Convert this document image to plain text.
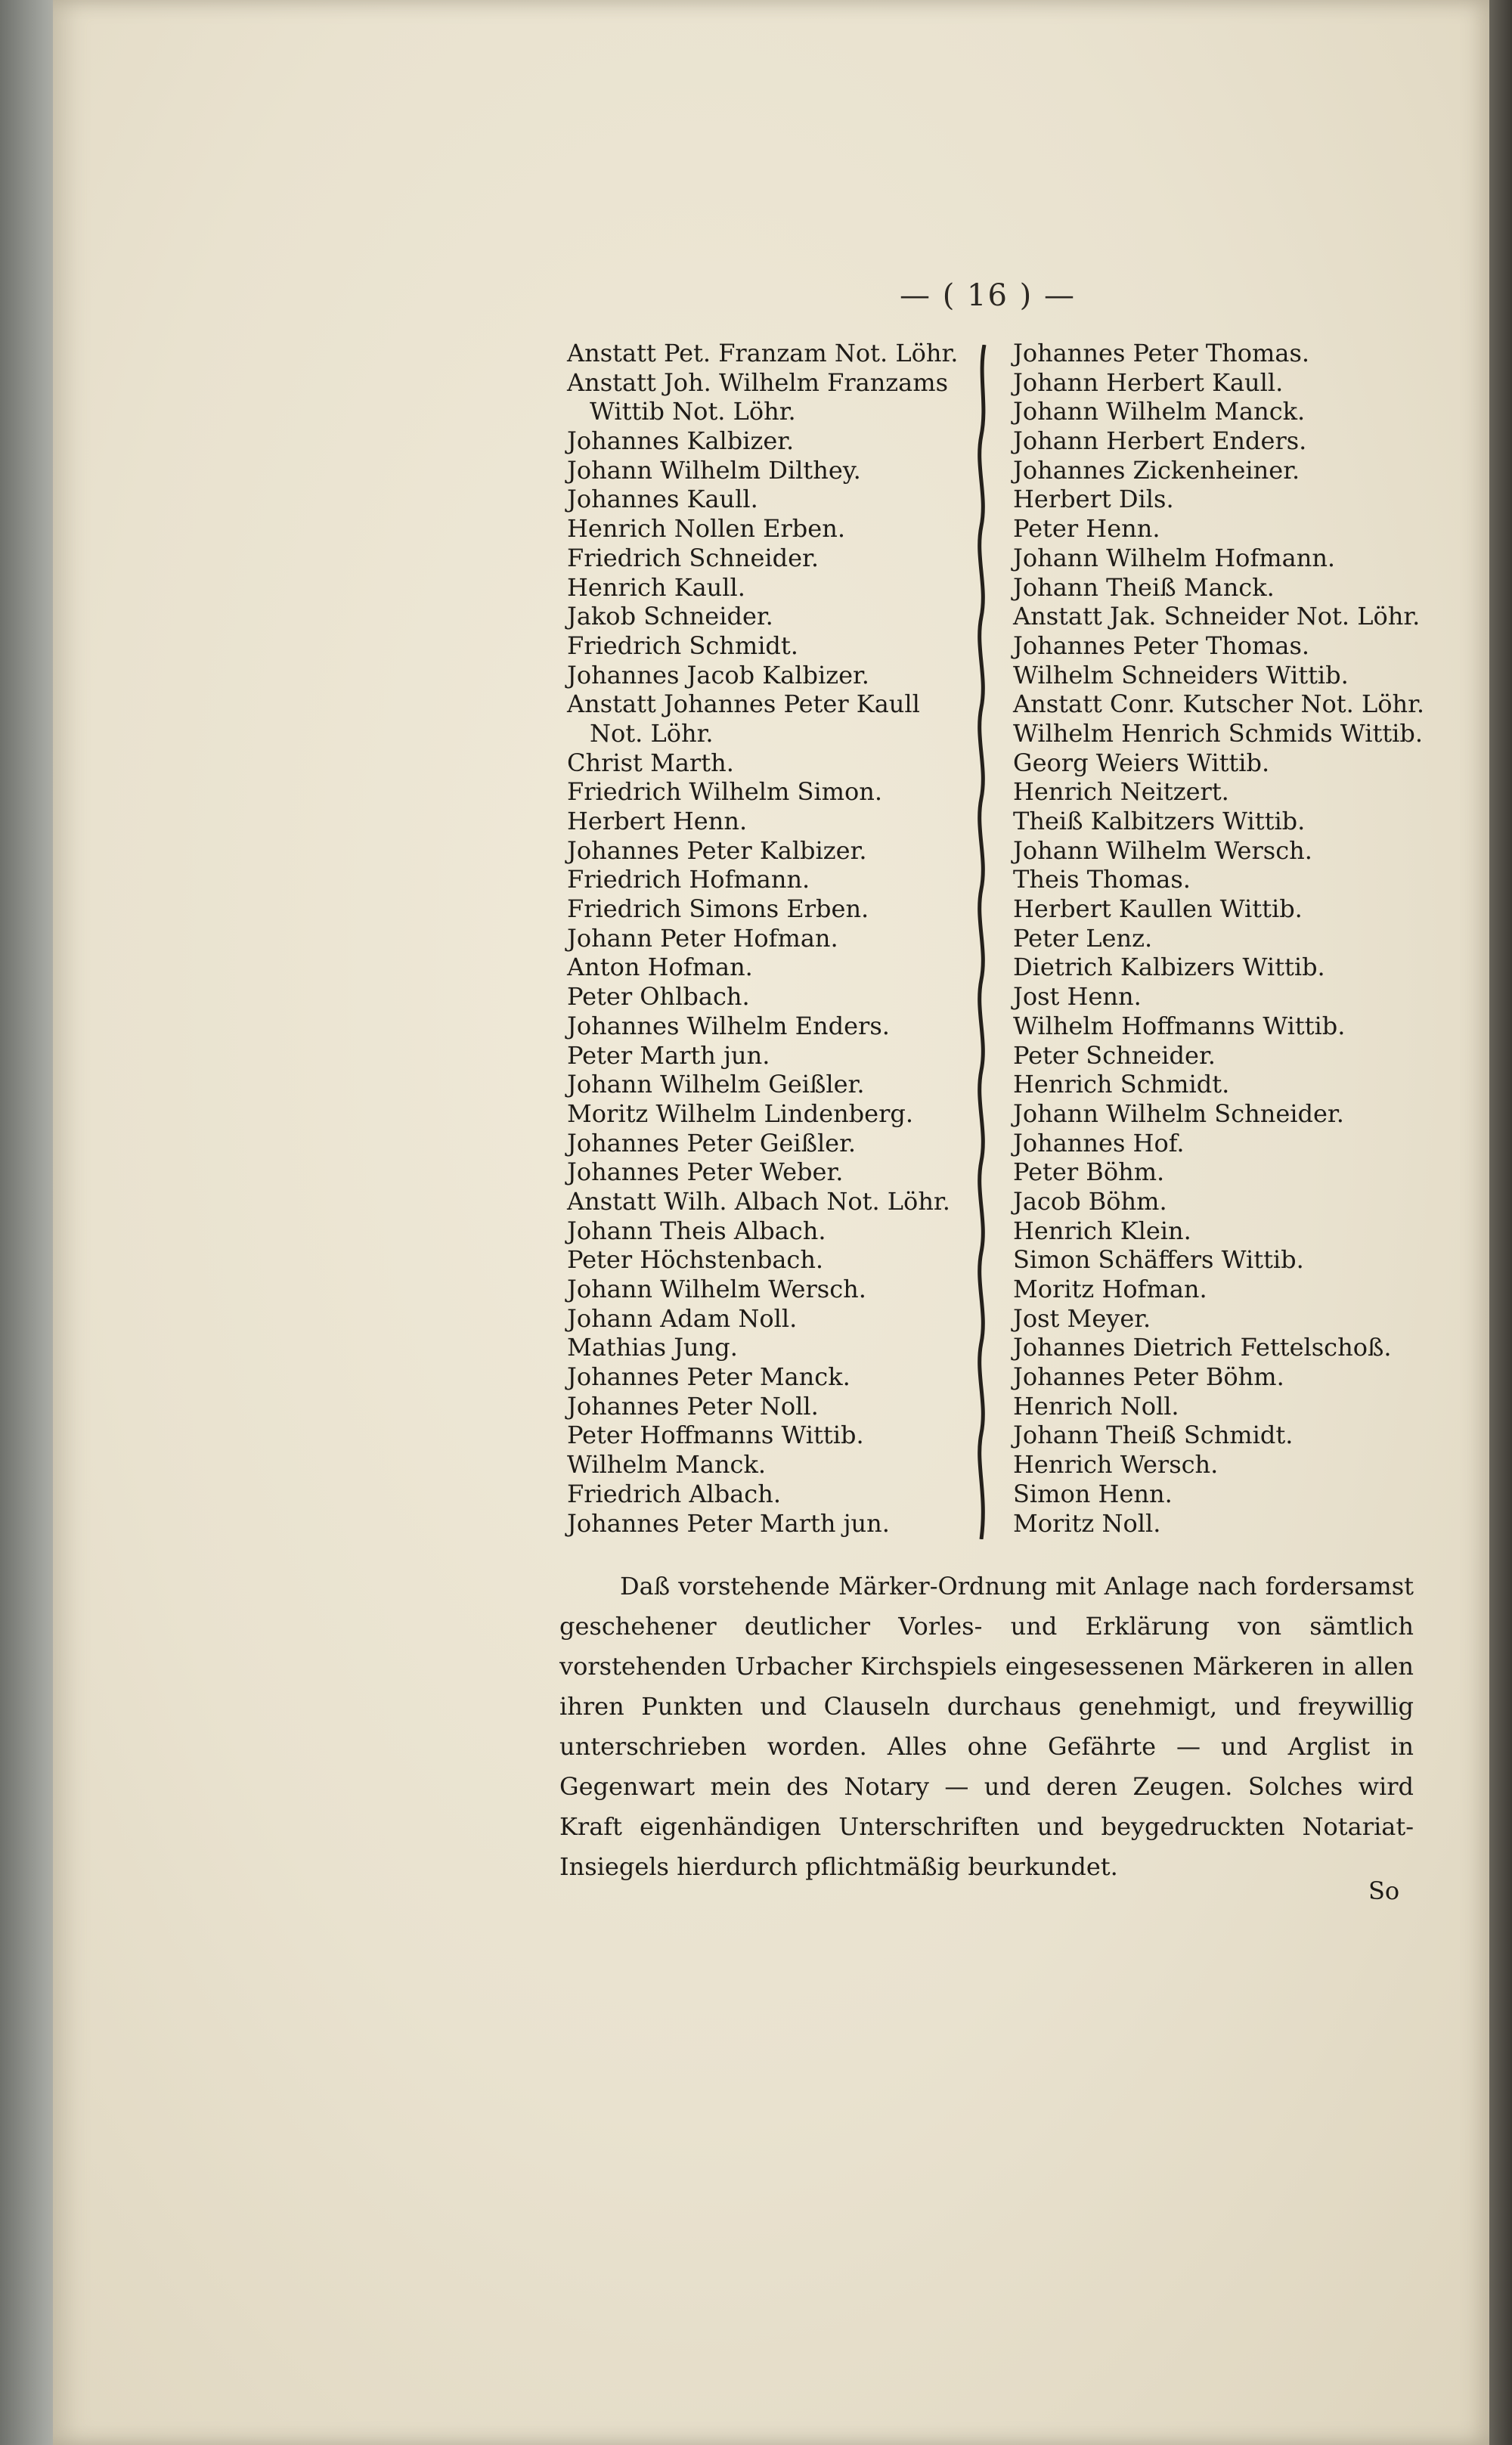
— ( 16 ) —
Anstatt Pet. Franzam Not. Löhr.
Anstatt Joh. Wilhelm Franzams
Wittib Not. Löhr.
Johannes Kalbizer.
Johann Wilhelm Dilthey.
Johannes Kaull.
Henrich Nollen Erben.
Friedrich Schneider.
Henrich Kaull.
Jakob Schneider.
Friedrich Schmidt.
Johannes Jacob Kalbizer.
Anstatt Johannes Peter Kaull
Not. Löhr.
Christ Marth.
Friedrich Wilhelm Simon.
Herbert Henn.
Johannes Peter Kalbizer.
Friedrich Hofmann.
Friedrich Simons Erben.
Johann Peter Hofman.
Anton Hofman.
Peter Ohlbach.
Johannes Wilhelm Enders.
Peter Marth jun.
Johann Wilhelm Geißler.
Moritz Wilhelm Lindenberg.
Johannes Peter Geißler.
Johannes Peter Weber.
Anstatt Wilh. Albach Not. Löhr.
Johann Theis Albach.
Peter Höchstenbach.
Johann Wilhelm Wersch.
Johann Adam Noll.
Mathias Jung.
Johannes Peter Manck.
Johannes Peter Noll.
Peter Hoffmanns Wittib.
Wilhelm Manck.
Friedrich Albach.
Johannes Peter Marth jun.
Johannes Peter Thomas.
Johann Herbert Kaull.
Johann Wilhelm Manck.
Johann Herbert Enders.
Johannes Zickenheiner.
Herbert Dils.
Peter Henn.
Johann Wilhelm Hofmann.
Johann Theiß Manck.
Anstatt Jak. Schneider Not. Löhr.
Johannes Peter Thomas.
Wilhelm Schneiders Wittib.
Anstatt Conr. Kutscher Not. Löhr.
Wilhelm Henrich Schmids Wittib.
Georg Weiers Wittib.
Henrich Neitzert.
Theiß Kalbitzers Wittib.
Johann Wilhelm Wersch.
Theis Thomas.
Herbert Kaullen Wittib.
Peter Lenz.
Dietrich Kalbizers Wittib.
Jost Henn.
Wilhelm Hoffmanns Wittib.
Peter Schneider.
Henrich Schmidt.
Johann Wilhelm Schneider.
Johannes Hof.
Peter Böhm.
Jacob Böhm.
Henrich Klein.
Simon Schäffers Wittib.
Moritz Hofman.
Jost Meyer.
Johannes Dietrich Fettelschoß.
Johannes Peter Böhm.
Henrich Noll.
Johann Theiß Schmidt.
Henrich Wersch.
Simon Henn.
Moritz Noll.

Daß vorstehende Märker-Ordnung mit Anlage nach fordersamst geschehener deutlicher Vorles- und Erklärung von sämtlich vorstehenden Urbacher Kirchspiels eingesessenen Märkeren in allen ihren Punkten und Clauseln durchaus genehmigt, und freywillig unterschrieben worden. Alles ohne Gefährte — und Arglist in Gegenwart mein des Notary — und deren Zeugen. Solches wird Kraft eigenhändigen Unterschriften und beygedruckten Notariat-Insiegels hierdurch pflichtmäßig beurkundet.

So
